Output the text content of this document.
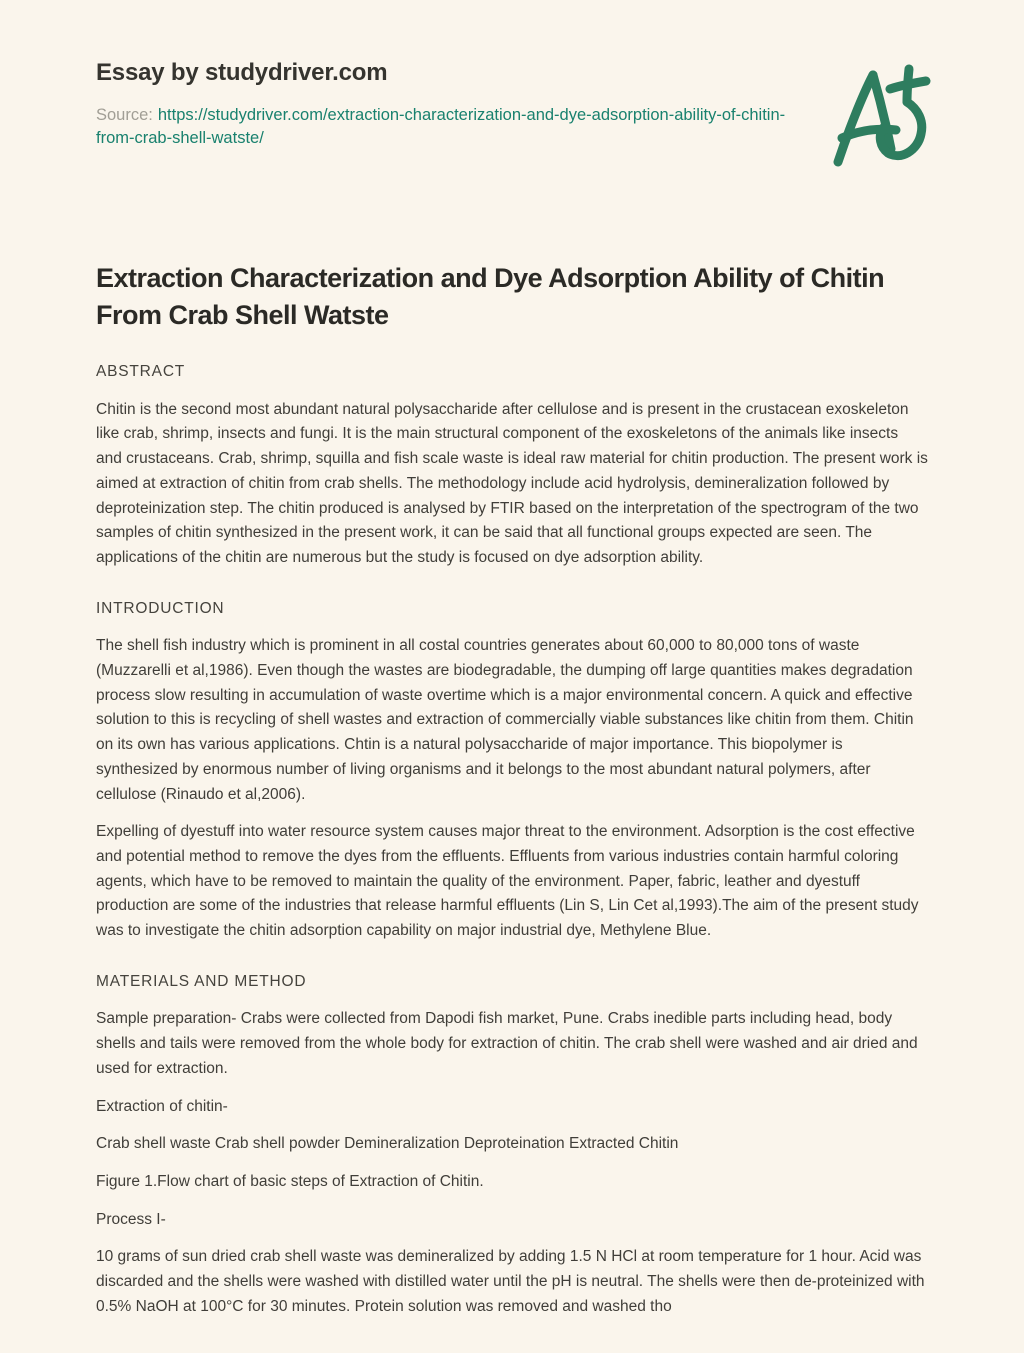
Essay by studydriver.com

Source: https://studydriver.com/extraction-characterization-and-dye-adsorption-ability-of-chitin-from-crab-shell-watste/

Extraction Characterization and Dye Adsorption Ability of Chitin From Crab Shell Watste

ABSTRACT

Chitin is the second most abundant natural polysaccharide after cellulose and is present in the crustacean exoskeleton like crab, shrimp, insects and fungi. It is the main structural component of the exoskeletons of the animals like insects and crustaceans. Crab, shrimp, squilla and fish scale waste is ideal raw material for chitin production. The present work is aimed at extraction of chitin from crab shells. The methodology include acid hydrolysis, demineralization followed by deproteinization step. The chitin produced is analysed by FTIR based on the interpretation of the spectrogram of the two samples of chitin synthesized in the present work, it can be said that all functional groups expected are seen. The applications of the chitin are numerous but the study is focused on dye adsorption ability.

INTRODUCTION

The shell fish industry which is prominent in all costal countries generates about 60,000 to 80,000 tons of waste (Muzzarelli et al,1986). Even though the wastes are biodegradable, the dumping off large quantities makes degradation process slow resulting in accumulation of waste overtime which is a major environmental concern. A quick and effective solution to this is recycling of shell wastes and extraction of commercially viable substances like chitin from them. Chitin on its own has various applications. Chtin is a natural polysaccharide of major importance. This biopolymer is synthesized by enormous number of living organisms and it belongs to the most abundant natural polymers, after cellulose (Rinaudo et al,2006).

Expelling of dyestuff into water resource system causes major threat to the environment. Adsorption is the cost effective and potential method to remove the dyes from the effluents. Effluents from various industries contain harmful coloring agents, which have to be removed to maintain the quality of the environment. Paper, fabric, leather and dyestuff production are some of the industries that release harmful effluents (Lin S, Lin Cet al,1993).The aim of the present study was to investigate the chitin adsorption capability on major industrial dye, Methylene Blue.

MATERIALS AND METHOD

Sample preparation- Crabs were collected from Dapodi fish market, Pune. Crabs inedible parts including head, body shells and tails were removed from the whole body for extraction of chitin. The crab shell were washed and air dried and used for extraction.

Extraction of chitin-

Crab shell waste Crab shell powder Demineralization Deproteination Extracted Chitin

Figure 1.Flow chart of basic steps of Extraction of Chitin.

Process I-

10 grams of sun dried crab shell waste was demineralized by adding 1.5 N HCl at room temperature for 1 hour. Acid was discarded and the shells were washed with distilled water until the pH is neutral. The shells were then de-proteinized with 0.5% NaOH at 100°C for 30 minutes. Protein solution was removed and washed tho
